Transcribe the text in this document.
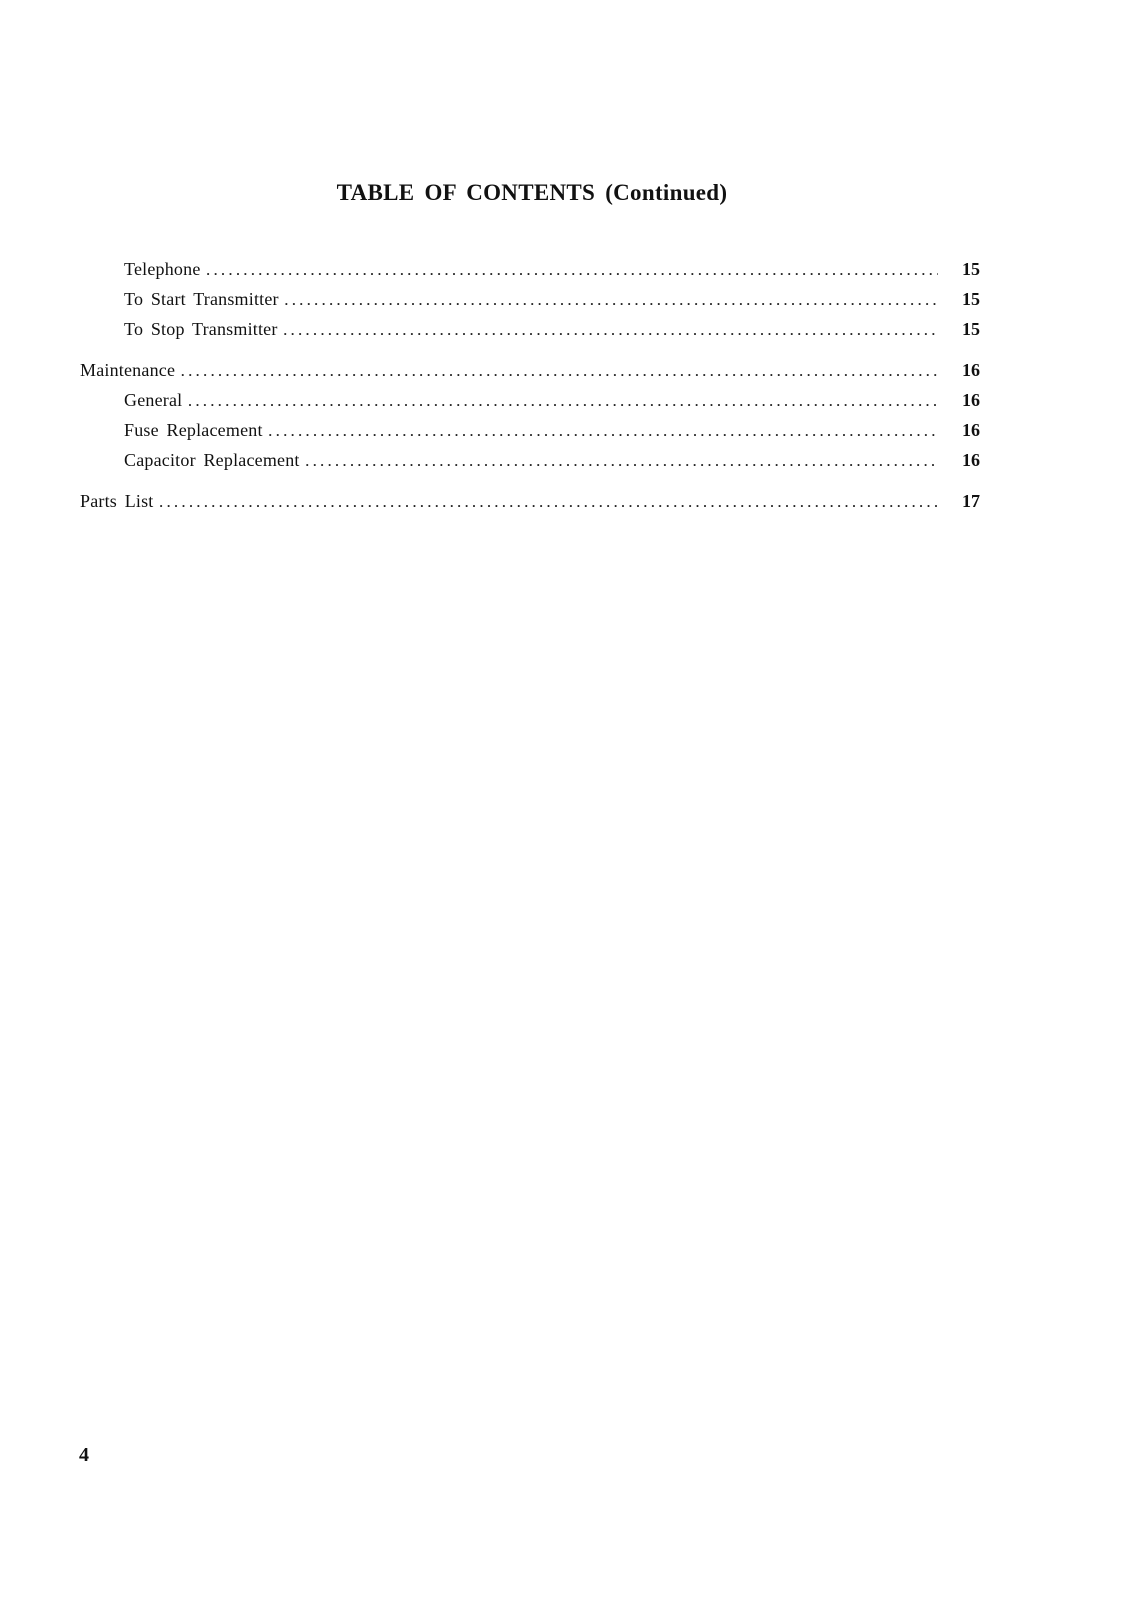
TABLE OF CONTENTS (Continued)
Telephone .....	15
To Start Transmitter .....	15
To Stop Transmitter .....	15
Maintenance .....	16
General .....	16
Fuse Replacement .....	16
Capacitor Replacement .....	16
Parts List .....	17
4
